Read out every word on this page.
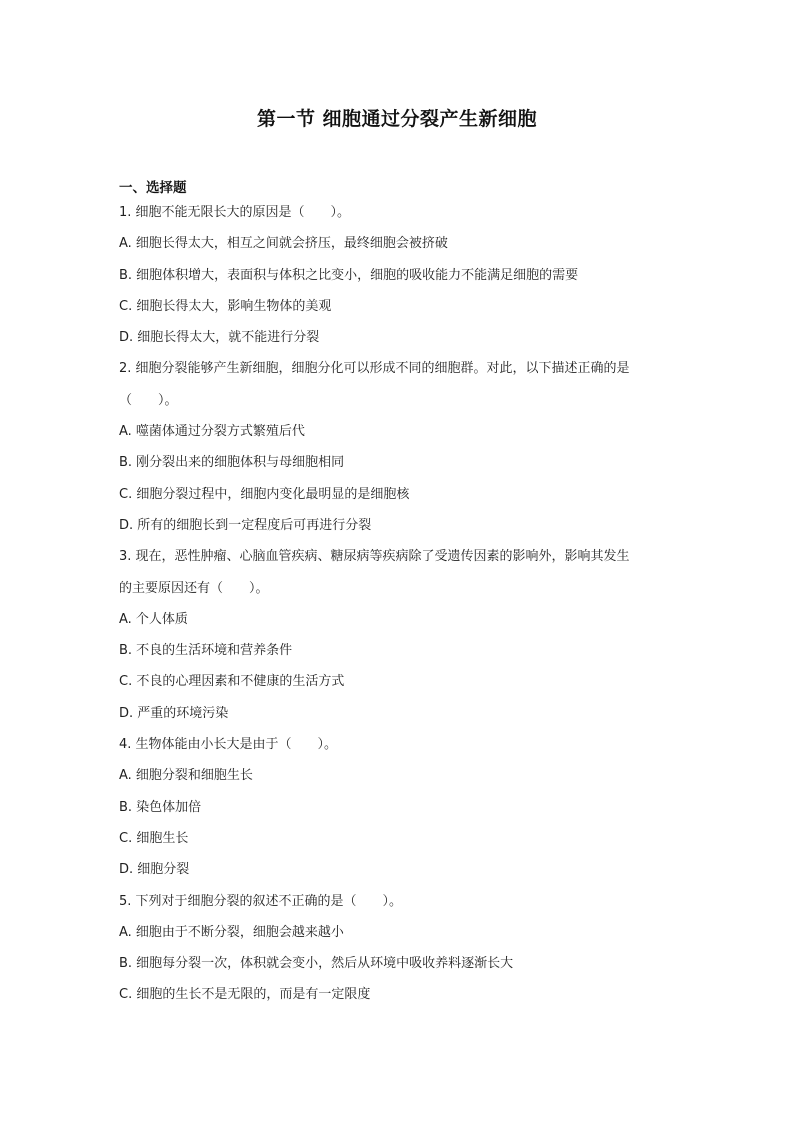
第一节 细胞通过分裂产生新细胞
一、选择题
1. 细胞不能无限长大的原因是（　　）。
A. 细胞长得太大，相互之间就会挤压，最终细胞会被挤破
B. 细胞体积增大，表面积与体积之比变小，细胞的吸收能力不能满足细胞的需要
C. 细胞长得太大，影响生物体的美观
D. 细胞长得太大，就不能进行分裂
2. 细胞分裂能够产生新细胞，细胞分化可以形成不同的细胞群。对此，以下描述正确的是
（　　）。
A. 噬菌体通过分裂方式繁殖后代
B. 刚分裂出来的细胞体积与母细胞相同
C. 细胞分裂过程中，细胞内变化最明显的是细胞核
D. 所有的细胞长到一定程度后可再进行分裂
3. 现在，恶性肿瘤、心脑血管疾病、糖尿病等疾病除了受遗传因素的影响外，影响其发生
的主要原因还有（　　）。
A. 个人体质
B. 不良的生活环境和营养条件
C. 不良的心理因素和不健康的生活方式
D. 严重的环境污染
4. 生物体能由小长大是由于（　　）。
A. 细胞分裂和细胞生长
B. 染色体加倍
C. 细胞生长
D. 细胞分裂
5. 下列对于细胞分裂的叙述不正确的是（　　）。
A. 细胞由于不断分裂，细胞会越来越小
B. 细胞每分裂一次，体积就会变小，然后从环境中吸收养料逐渐长大
C. 细胞的生长不是无限的，而是有一定限度
